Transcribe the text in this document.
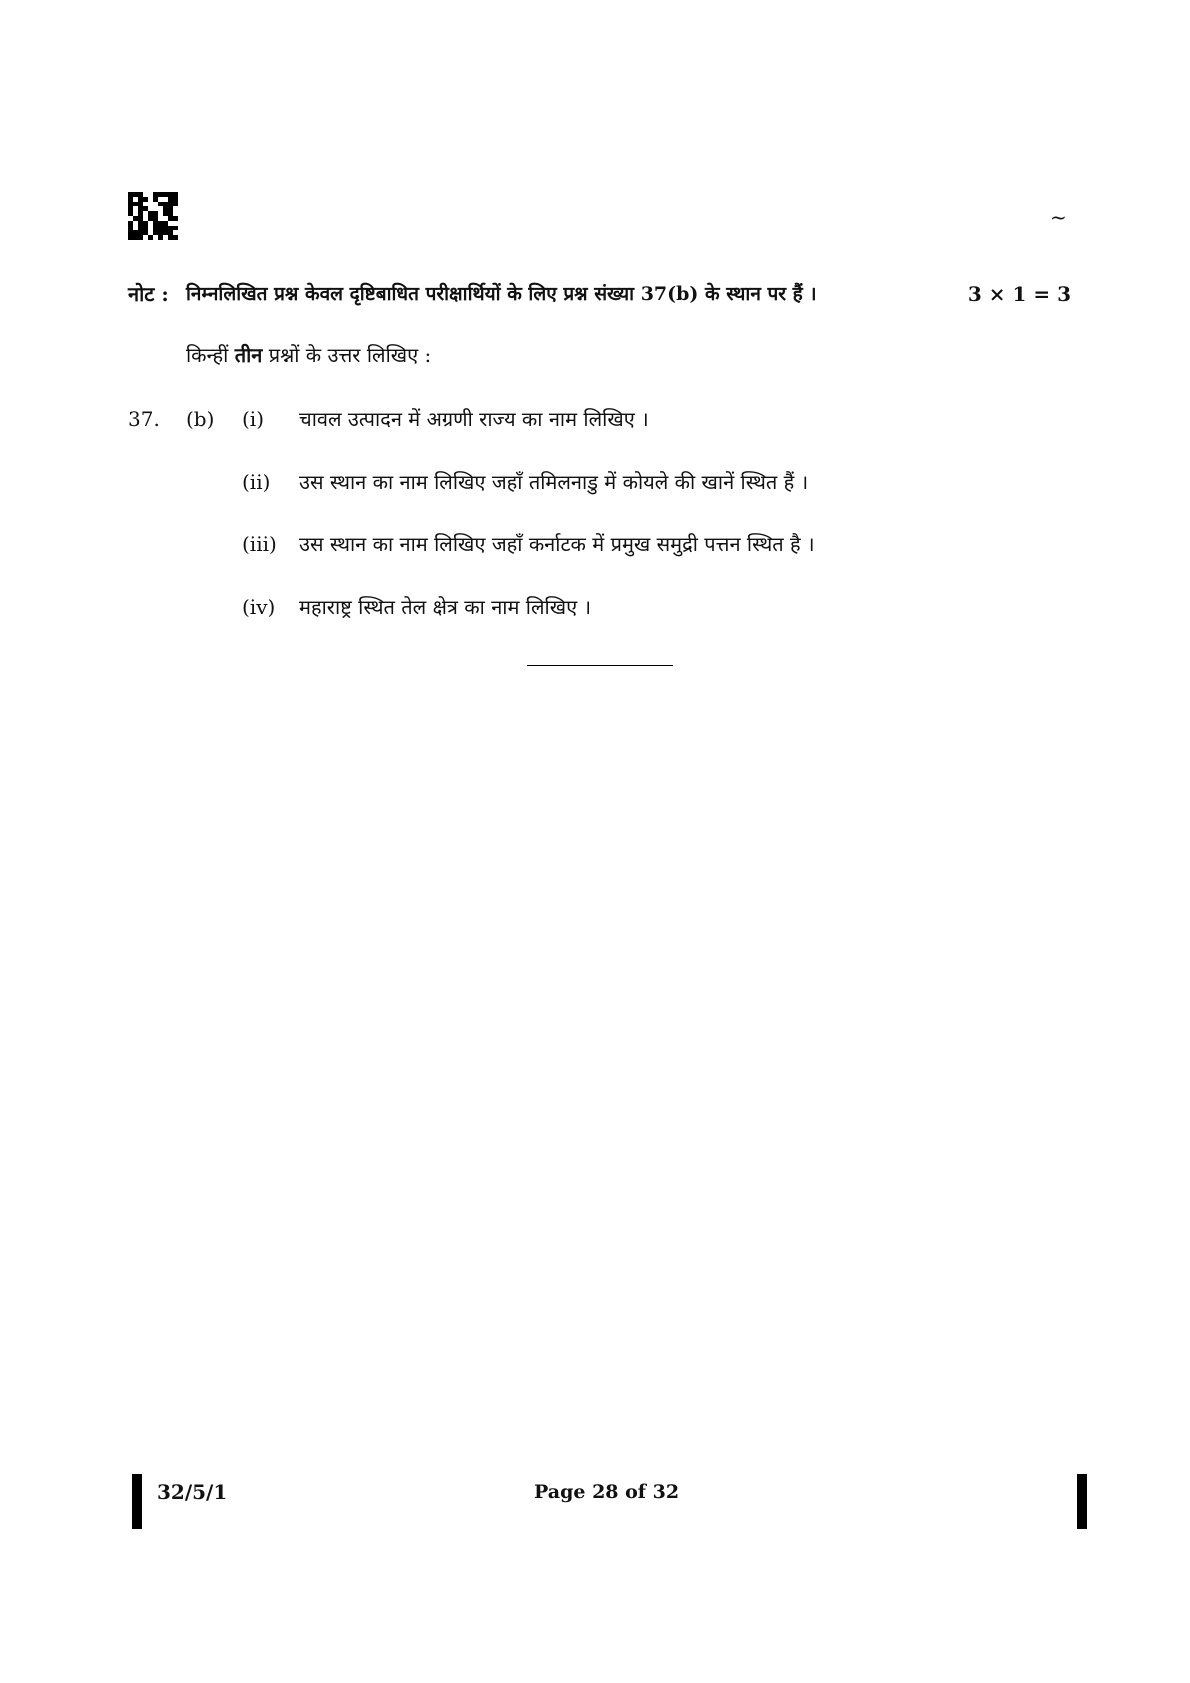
~
नोट : निम्नलिखित प्रश्न केवल दृष्टिबाधित परीक्षार्थियों के लिए प्रश्न संख्या 37(b) के स्थान पर हैं ।	3 × 1 = 3
किन्हीं तीन प्रश्नों के उत्तर लिखिए :
37. (b) (i) चावल उत्पादन में अग्रणी राज्य का नाम लिखिए ।
(ii) उस स्थान का नाम लिखिए जहाँ तमिलनाडु में कोयले की खानें स्थित हैं ।
(iii) उस स्थान का नाम लिखिए जहाँ कर्नाटक में प्रमुख समुद्री पत्तन स्थित है ।
(iv) महाराष्ट्र स्थित तेल क्षेत्र का नाम लिखिए ।
32/5/1	Page 28 of 32
